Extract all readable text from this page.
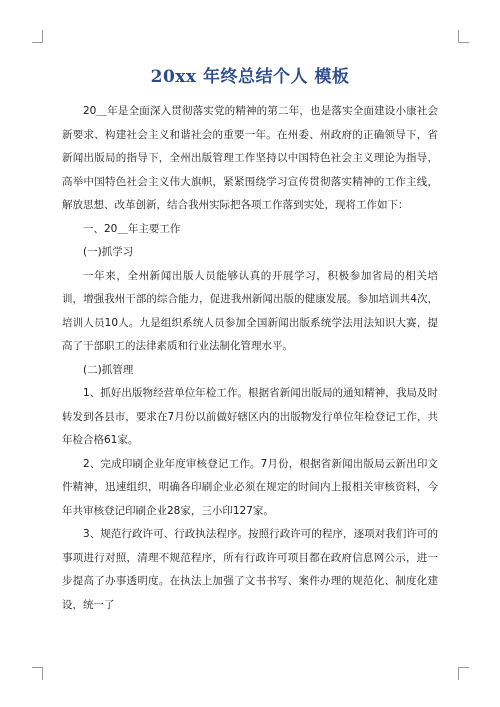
20xx 年终总结个人 模板

20＿年是全面深入贯彻落实党的精神的第二年，也是落实全面建设小康社会新要求、构建社会主义和谐社会的重要一年。在州委、州政府的正确领导下，省新闻出版局的指导下，全州出版管理工作坚持以中国特色社会主义理论为指导，高举中国特色社会主义伟大旗帜，紧紧围绕学习宣传贯彻落实精神的工作主线，解放思想、改革创新，结合我州实际把各项工作落到实处，现将工作如下：

一、20＿年主要工作

(一)抓学习

一年来，全州新闻出版人员能够认真的开展学习，积极参加省局的相关培训，增强我州干部的综合能力，促进我州新闻出版的健康发展。参加培训共4次，培训人员10人。九是组织系统人员参加全国新闻出版系统学法用法知识大赛，提高了干部职工的法律素质和行业法制化管理水平。

(二)抓管理

1、抓好出版物经营单位年检工作。根据省新闻出版局的通知精神，我局及时转发到各县市，要求在7月份以前做好辖区内的出版物发行单位年检登记工作，共年检合格61家。

2、完成印刷企业年度审核登记工作。7月份，根据省新闻出版局云新出印文件精神，迅速组织，明确各印刷企业必须在规定的时间内上报相关审核资料，今年共审核登记印刷企业28家，三小印127家。

3、规范行政许可、行政执法程序。按照行政许可的程序，逐项对我们许可的事项进行对照，清理不规范程序，所有行政许可项目都在政府信息网公示，进一步提高了办事透明度。在执法上加强了文书书写、案件办理的规范化、制度化建设，统一了
